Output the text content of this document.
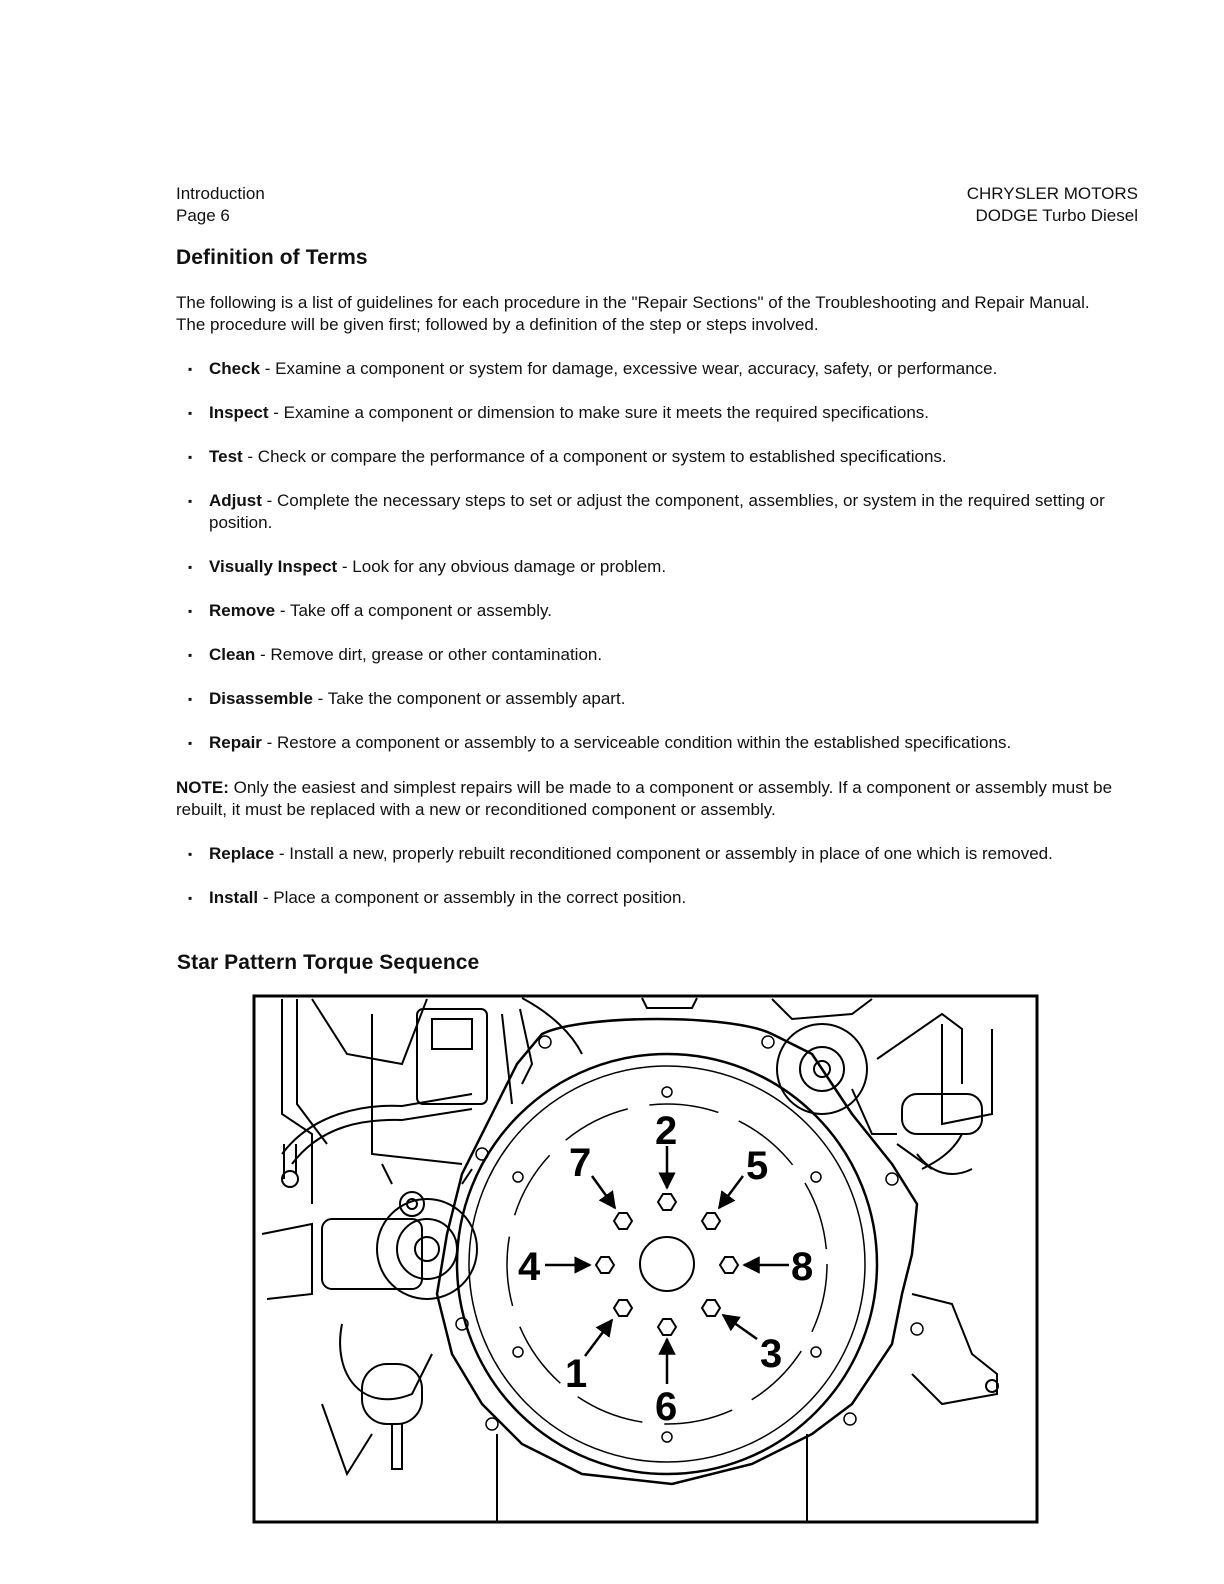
Introduction
Page 6
CHRYSLER MOTORS
DODGE Turbo Diesel
Definition of Terms

The following is a list of guidelines for each procedure in the "Repair Sections" of the Troubleshooting and Repair Manual. The procedure will be given first; followed by a definition of the step or steps involved.

▪ Check - Examine a component or system for damage, excessive wear, accuracy, safety, or performance.
▪ Inspect - Examine a component or dimension to make sure it meets the required specifications.
▪ Test - Check or compare the performance of a component or system to established specifications.
▪ Adjust - Complete the necessary steps to set or adjust the component, assemblies, or system in the required setting or position.
▪ Visually Inspect - Look for any obvious damage or problem.
▪ Remove - Take off a component or assembly.
▪ Clean - Remove dirt, grease or other contamination.
▪ Disassemble - Take the component or assembly apart.
▪ Repair - Restore a component or assembly to a serviceable condition within the established specifications.

NOTE: Only the easiest and simplest repairs will be made to a component or assembly. If a component or assembly must be rebuilt, it must be replaced with a new or reconditioned component or assembly.

▪ Replace - Install a new, properly rebuilt reconditioned component or assembly in place of one which is removed.
▪ Install - Place a component or assembly in the correct position.
Star Pattern Torque Sequence
2
7	5
4	8
1	3
6
